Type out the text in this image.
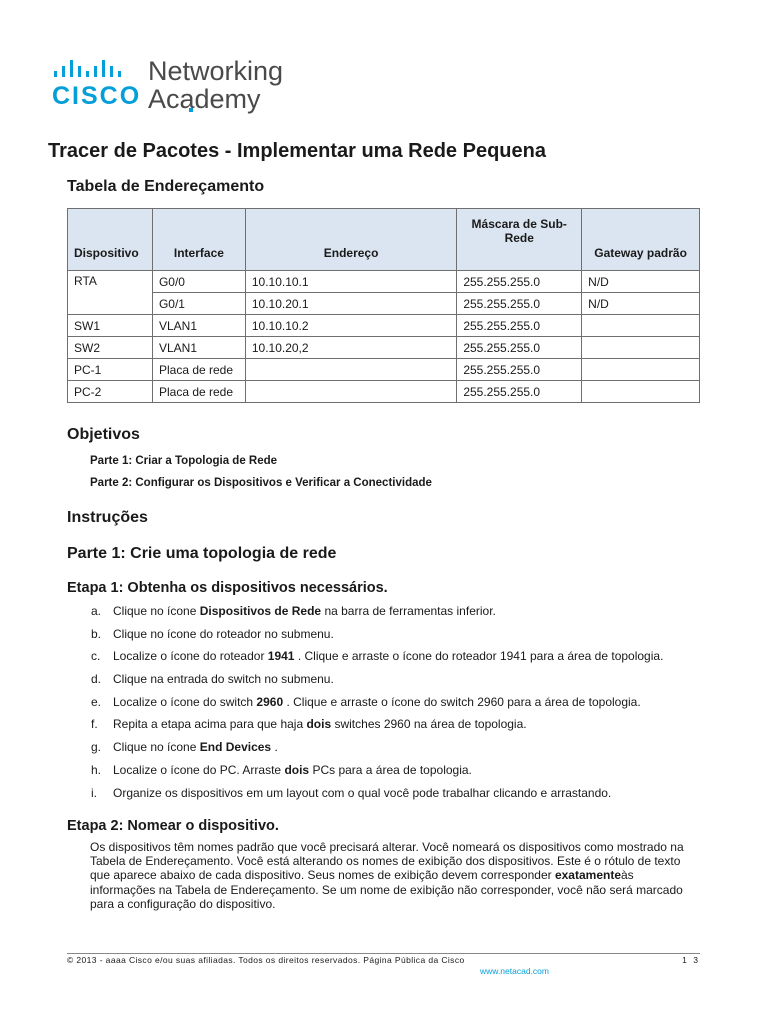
CISCO
Networking
Academy
Tracer de Pacotes - Implementar uma Rede Pequena
Tabela de Endereçamento
Dispositivo	Interface	Endereço	Máscara de Sub-Rede	Gateway padrão
RTA	G0/0	10.10.10.1	255.255.255.0	N/D
	G0/1	10.10.20.1	255.255.255.0	N/D
SW1	VLAN1	10.10.10.2	255.255.255.0	
SW2	VLAN1	10.10.20,2	255.255.255.0	
PC-1	Placa de rede		255.255.255.0	
PC-2	Placa de rede		255.255.255.0	
Objetivos
Parte 1: Criar a Topologia de Rede
Parte 2: Configurar os Dispositivos e Verificar a Conectividade
Instruções
Parte 1: Crie uma topologia de rede
Etapa 1: Obtenha os dispositivos necessários.
a. Clique no ícone Dispositivos de Rede na barra de ferramentas inferior.
b. Clique no ícone do roteador no submenu.
c. Localize o ícone do roteador 1941 . Clique e arraste o ícone do roteador 1941 para a área de topologia.
d. Clique na entrada do switch no submenu.
e. Localize o ícone do switch 2960 . Clique e arraste o ícone do switch 2960 para a área de topologia.
f. Repita a etapa acima para que haja dois switches 2960 na área de topologia.
g. Clique no ícone End Devices .
h. Localize o ícone do PC. Arraste dois PCs para a área de topologia.
i. Organize os dispositivos em um layout com o qual você pode trabalhar clicando e arrastando.
Etapa 2: Nomear o dispositivo.

Os dispositivos têm nomes padrão que você precisará alterar. Você nomeará os dispositivos como mostrado na Tabela de Endereçamento. Você está alterando os nomes de exibição dos dispositivos. Este é o rótulo de texto que aparece abaixo de cada dispositivo. Seus nomes de exibição devem corresponder exatamenteàs informações na Tabela de Endereçamento. Se um nome de exibição não corresponder, você não será marcado para a configuração do dispositivo.

© 2013 - aaaa Cisco e/ou suas afiliadas. Todos os direitos reservados. Página Pública da Cisco	1 3
www.netacad.com
